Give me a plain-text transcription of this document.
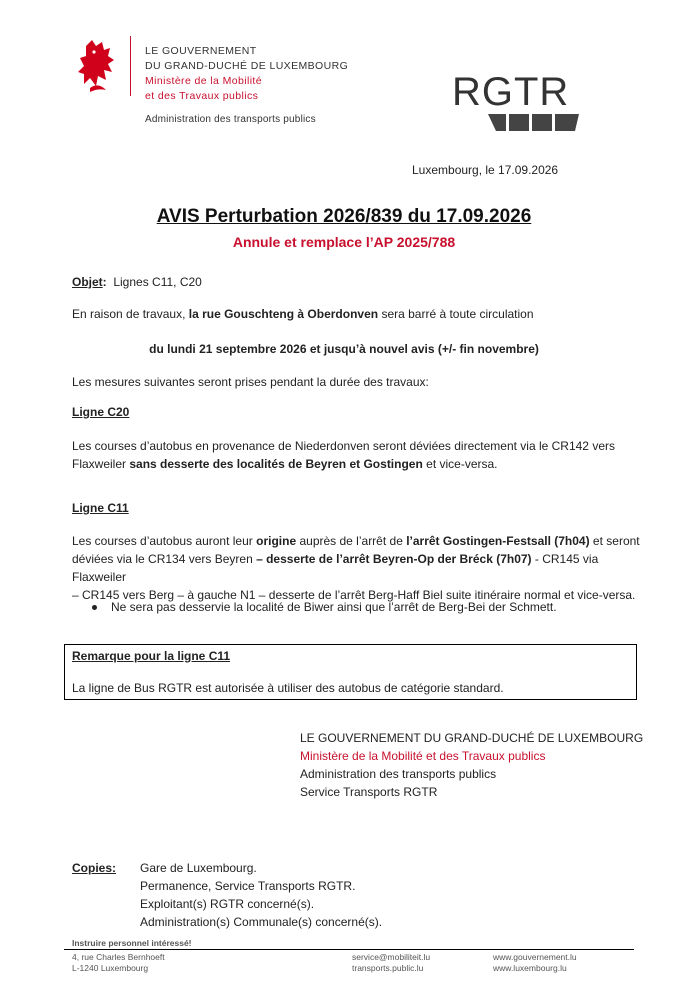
LE GOUVERNEMENT
DU GRAND-DUCHÉ DE LUXEMBOURG
Ministère de la Mobilité
et des Travaux publics
Administration des transports publics
RGTR
Luxembourg, le 17.09.2026
AVIS Perturbation 2026/839 du 17.09.2026
Annule et remplace l’AP 2025/788
Objet: Lignes C11, C20
En raison de travaux, la rue Gouschteng à Oberdonven sera barré à toute circulation
du lundi 21 septembre 2026 et jusqu’à nouvel avis (+/- fin novembre)
Les mesures suivantes seront prises pendant la durée des travaux:
Ligne C20
Les courses d’autobus en provenance de Niederdonven seront déviées directement via le CR142 vers
Flaxweiler sans desserte des localités de Beyren et Gostingen et vice-versa.
Ligne C11
Les courses d’autobus auront leur origine auprès de l’arrêt de l’arrêt Gostingen-Festsall (7h04) et seront
déviées via le CR134 vers Beyren – desserte de l’arrêt Beyren-Op der Bréck (7h07) - CR145 via Flaxweiler
– CR145 vers Berg – à gauche N1 – desserte de l’arrêt Berg-Haff Biel suite itinéraire normal et vice-versa.
Ne sera pas desservie la localité de Biwer ainsi que l’arrêt de Berg-Bei der Schmett.
Remarque pour la ligne C11
La ligne de Bus RGTR est autorisée à utiliser des autobus de catégorie standard.
LE GOUVERNEMENT DU GRAND-DUCHÉ DE LUXEMBOURG
Ministère de la Mobilité et des Travaux publics
Administration des transports publics
Service Transports RGTR
Copies: Gare de Luxembourg.
Permanence, Service Transports RGTR.
Exploitant(s) RGTR concerné(s).
Administration(s) Communale(s) concerné(s).
Instruire personnel intéressé!
4, rue Charles Bernhoeft
L-1240 Luxembourg
service@mobiliteit.lu
transports.public.lu
www.gouvernement.lu
www.luxembourg.lu
